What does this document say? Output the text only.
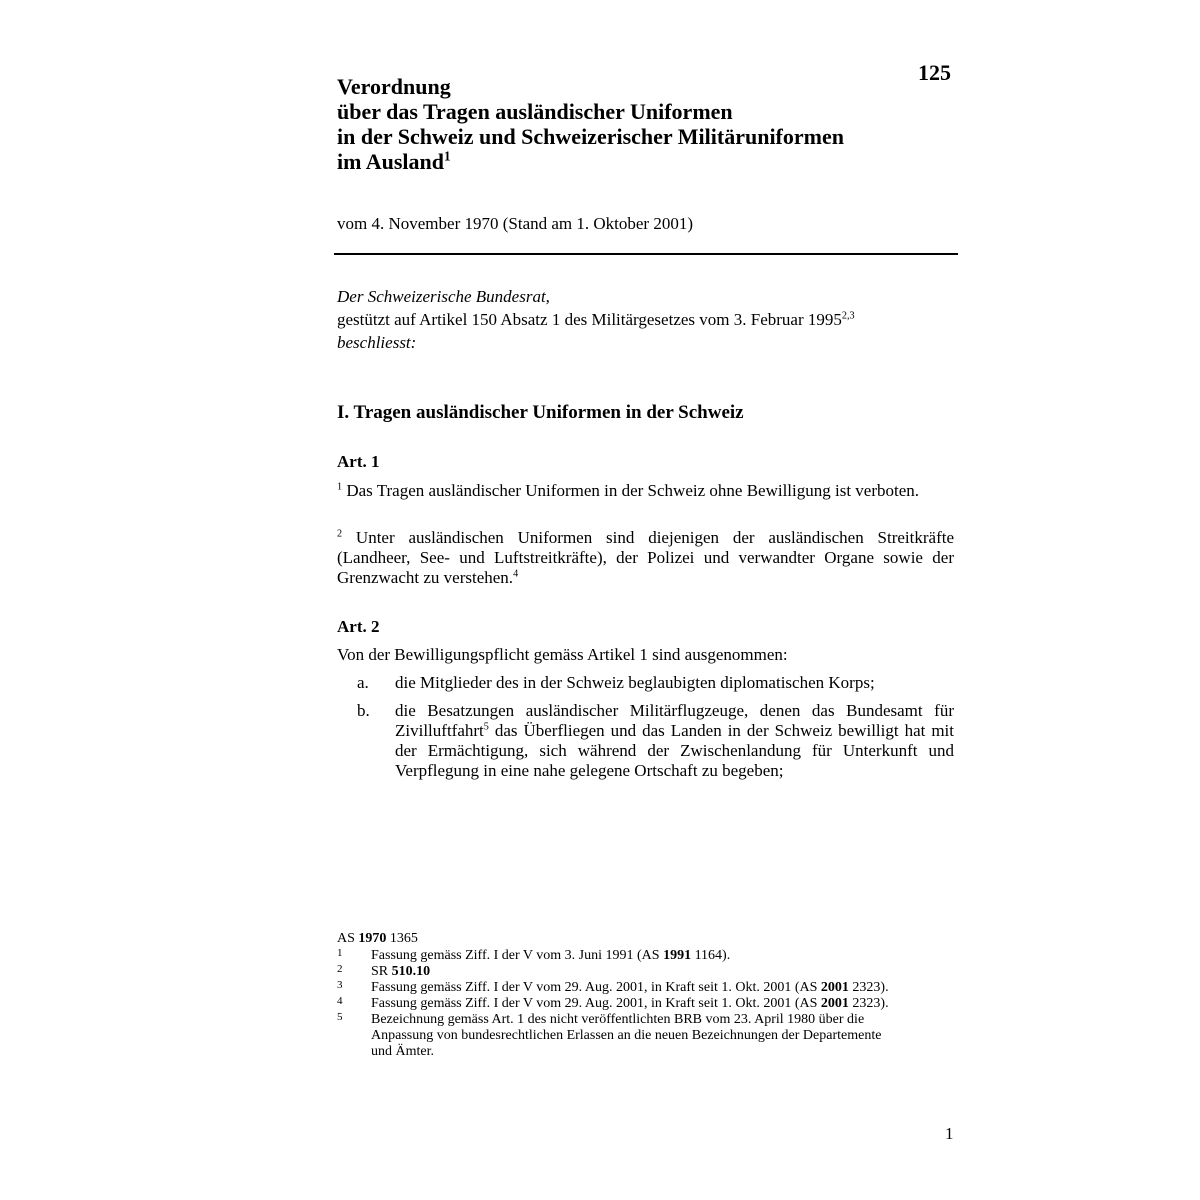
125
Verordnung
über das Tragen ausländischer Uniformen
in der Schweiz und Schweizerischer Militäruniformen
im Ausland$^1$
vom 4. November 1970 (Stand am 1. Oktober 2001)
Der Schweizerische Bundesrat,
gestützt auf Artikel 150 Absatz 1 des Militärgesetzes vom 3. Februar 1995$^{2,3}$
beschliesst:
I. Tragen ausländischer Uniformen in der Schweiz
Art. 1
$^1$ Das Tragen ausländischer Uniformen in der Schweiz ohne Bewilligung ist verboten.
$^2$ Unter ausländischen Uniformen sind diejenigen der ausländischen Streitkräfte (Landheer, See- und Luftstreitkräfte), der Polizei und verwandter Organe sowie der Grenzwacht zu verstehen.$^4$
Art. 2
Von der Bewilligungspflicht gemäss Artikel 1 sind ausgenommen:
a. die Mitglieder des in der Schweiz beglaubigten diplomatischen Korps;
b. die Besatzungen ausländischer Militärflugzeuge, denen das Bundesamt für Zivilluftfahrt$^5$ das Überfliegen und das Landen in der Schweiz bewilligt hat mit der Ermächtigung, sich während der Zwischenlandung für Unterkunft und Verpflegung in eine nahe gelegene Ortschaft zu begeben;
AS 1970 1365
1 Fassung gemäss Ziff. I der V vom 3. Juni 1991 (AS 1991 1164).
2 SR 510.10
3 Fassung gemäss Ziff. I der V vom 29. Aug. 2001, in Kraft seit 1. Okt. 2001 (AS 2001 2323).
4 Fassung gemäss Ziff. I der V vom 29. Aug. 2001, in Kraft seit 1. Okt. 2001 (AS 2001 2323).
5 Bezeichnung gemäss Art. 1 des nicht veröffentlichten BRB vom 23. April 1980 über die Anpassung von bundesrechtlichen Erlassen an die neuen Bezeichnungen der Departemente und Ämter.
1
